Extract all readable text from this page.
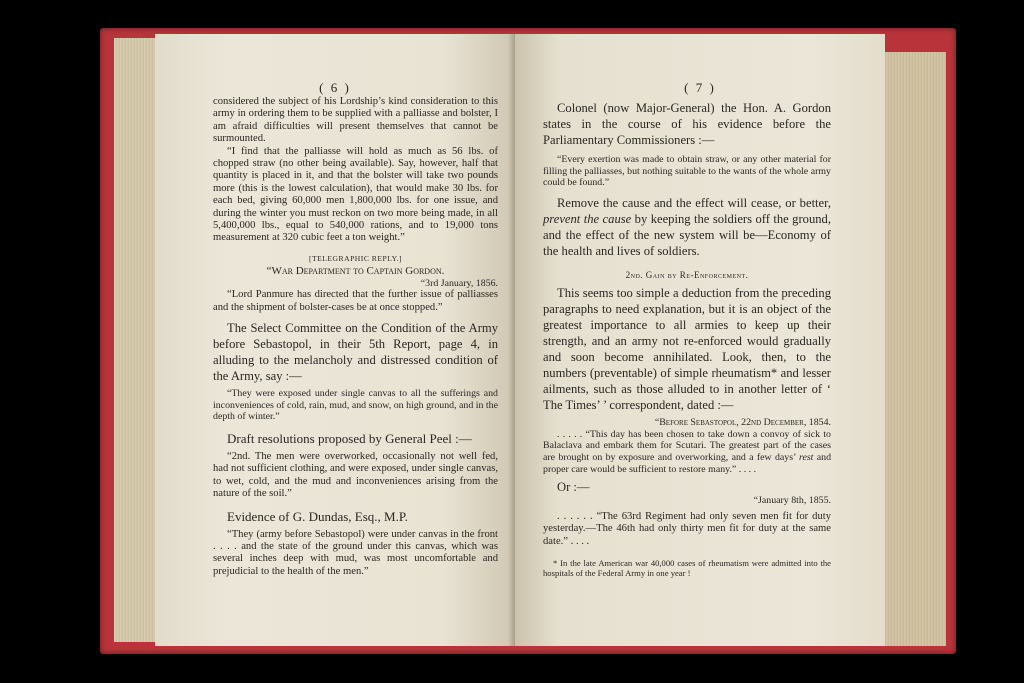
( 6 )

considered the subject of his Lordship’s kind consideration to this army in ordering them to be supplied with a palliasse and bolster, I am afraid difficulties will present themselves that cannot be surmounted.

“I find that the palliasse will hold as much as 56 lbs. of chopped straw (no other being available). Say, however, half that quantity is placed in it, and that the bolster will take two pounds more (this is the lowest calculation), that would make 30 lbs. for each bed, giving 60,000 men 1,800,000 lbs. for one issue, and during the winter you must reckon on two more being made, in all 5,400,000 lbs., equal to 540,000 rations, and to 19,000 tons measurement at 320 cubic feet a ton weight.”

[TELEGRAPHIC REPLY.]

“War Department to Captain Gordon.

“3rd January, 1856.

“Lord Panmure has directed that the further issue of palliasses and the shipment of bolster-cases be at once stopped.”

The Select Committee on the Condition of the Army before Sebastopol, in their 5th Report, page 4, in alluding to the melancholy and distressed condition of the Army, say :—

“They were exposed under single canvas to all the sufferings and inconveniences of cold, rain, mud, and snow, on high ground, and in the depth of winter.”

Draft resolutions proposed by General Peel :—

“2nd. The men were overworked, occasionally not well fed, had not sufficient clothing, and were exposed, under single canvas, to wet, cold, and the mud and inconveniences arising from the nature of the soil.”

Evidence of G. Dundas, Esq., M.P.

“They (army before Sebastopol) were under canvas in the front . . . . and the state of the ground under this canvas, which was several inches deep with mud, was most uncomfortable and prejudicial to the health of the men.”

( 7 )

Colonel (now Major-General) the Hon. A. Gordon states in the course of his evidence before the Parliamentary Commissioners :—

“Every exertion was made to obtain straw, or any other material for filling the palliasses, but nothing suitable to the wants of the whole army could be found.”

Remove the cause and the effect will cease, or better, prevent the cause by keeping the soldiers off the ground, and the effect of the new system will be—Economy of the health and lives of soldiers.

2nd. Gain by Re-Enforcement.

This seems too simple a deduction from the preceding paragraphs to need explanation, but it is an object of the greatest importance to all armies to keep up their strength, and an army not re-enforced would gradually and soon become annihilated. Look, then, to the numbers (preventable) of simple rheumatism* and lesser ailments, such as those alluded to in another letter of ‘ The Times’ ’ correspondent, dated :—

“Before Sebastopol, 22nd December, 1854.

. . . . . “This day has been chosen to take down a convoy of sick to Balaclava and embark them for Scutari. The greatest part of the cases are brought on by exposure and overworking, and a few days’ rest and proper care would be sufficient to restore many.” . . . .

Or :—

“January 8th, 1855.

. . . . . . “The 63rd Regiment had only seven men fit for duty yesterday.—The 46th had only thirty men fit for duty at the same date.” . . . .

* In the late American war 40,000 cases of rheumatism were admitted into the hospitals of the Federal Army in one year !
